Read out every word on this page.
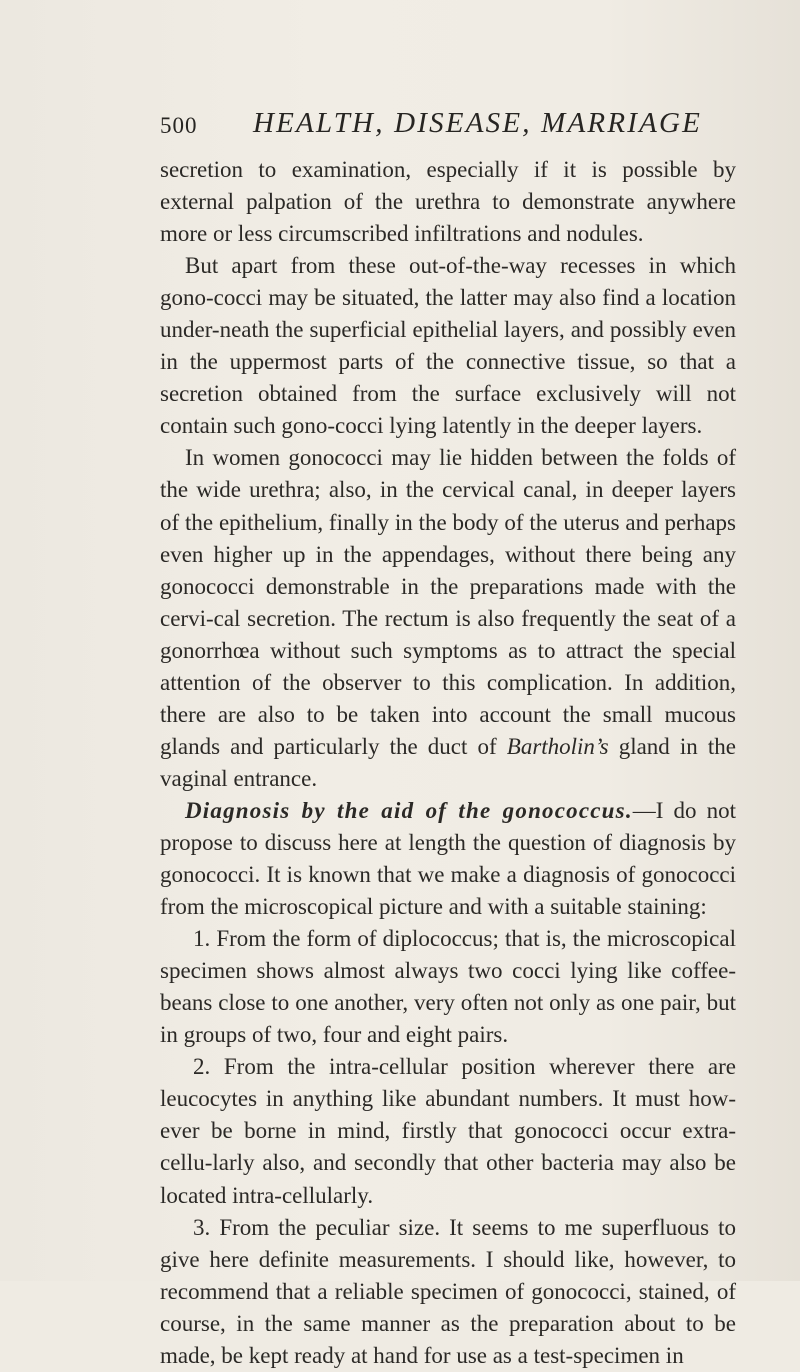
500 HEALTH, DISEASE, MARRIAGE

secretion to examination, especially if it is possible by external palpation of the urethra to demonstrate anywhere more or less circumscribed infiltrations and nodules.

But apart from these out-of-the-way recesses in which gono-cocci may be situated, the latter may also find a location under-neath the superficial epithelial layers, and possibly even in the uppermost parts of the connective tissue, so that a secretion obtained from the surface exclusively will not contain such gono-cocci lying latently in the deeper layers.

In women gonococci may lie hidden between the folds of the wide urethra; also, in the cervical canal, in deeper layers of the epithelium, finally in the body of the uterus and perhaps even higher up in the appendages, without there being any gonococci demonstrable in the preparations made with the cervi-cal secretion. The rectum is also frequently the seat of a gonorrhœa without such symptoms as to attract the special attention of the observer to this complication. In addition, there are also to be taken into account the small mucous glands and particularly the duct of Bartholin’s gland in the vaginal entrance.

Diagnosis by the aid of the gonococcus.—I do not propose to discuss here at length the question of diagnosis by gonococci. It is known that we make a diagnosis of gonococci from the microscopical picture and with a suitable staining:

1. From the form of diplococcus; that is, the microscopical specimen shows almost always two cocci lying like coffee-beans close to one another, very often not only as one pair, but in groups of two, four and eight pairs.

2. From the intra-cellular position wherever there are leucocytes in anything like abundant numbers. It must how-ever be borne in mind, firstly that gonococci occur extra-cellu-larly also, and secondly that other bacteria may also be located intra-cellularly.

3. From the peculiar size. It seems to me superfluous to give here definite measurements. I should like, however, to recommend that a reliable specimen of gonococci, stained, of course, in the same manner as the preparation about to be made, be kept ready at hand for use as a test-specimen in
